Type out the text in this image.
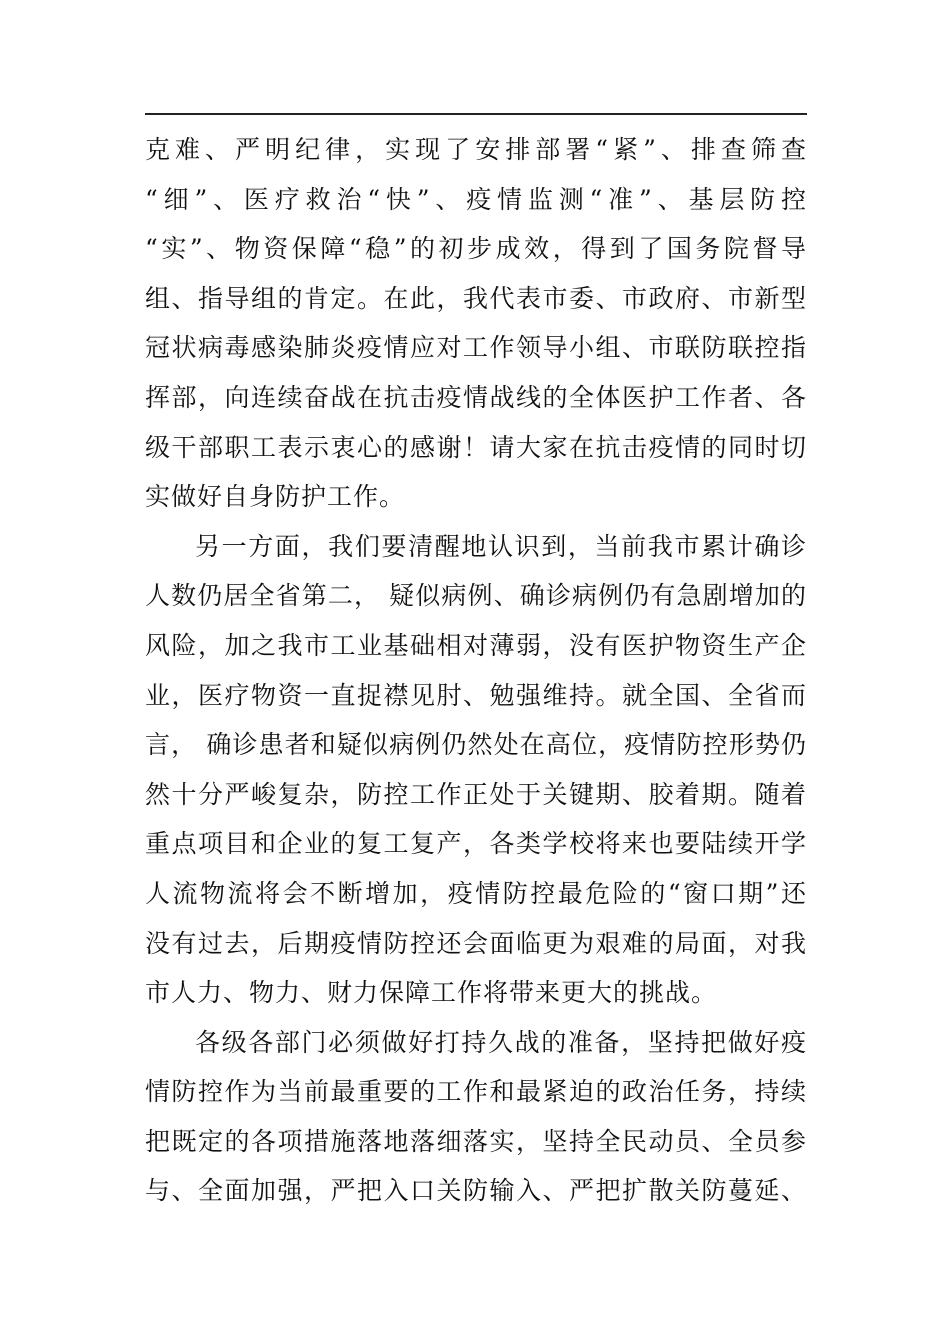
克难、严明纪律，实现了安排部署“紧”、排查筛查
“细”、医疗救治“快”、疫情监测“准”、基层防控
“实”、物资保障“稳”的初步成效，得到了国务院督导
组、指导组的肯定。在此，我代表市委、市政府、市新型
冠状病毒感染肺炎疫情应对工作领导小组、市联防联控指
挥部，向连续奋战在抗击疫情战线的全体医护工作者、各
级干部职工表示衷心的感谢！请大家在抗击疫情的同时切
实做好自身防护工作。
另一方面，我们要清醒地认识到，当前我市累计确诊
人数仍居全省第二， 疑似病例、确诊病例仍有急剧增加的
风险，加之我市工业基础相对薄弱，没有医护物资生产企
业，医疗物资一直捉襟见肘、勉强维持。就全国、全省而
言， 确诊患者和疑似病例仍然处在高位，疫情防控形势仍
然十分严峻复杂，防控工作正处于关键期、胶着期。随着
重点项目和企业的复工复产，各类学校将来也要陆续开学
人流物流将会不断增加，疫情防控最危险的“窗口期”还
没有过去，后期疫情防控还会面临更为艰难的局面，对我
市人力、物力、财力保障工作将带来更大的挑战。
各级各部门必须做好打持久战的准备，坚持把做好疫
情防控作为当前最重要的工作和最紧迫的政治任务，持续
把既定的各项措施落地落细落实，坚持全民动员、全员参
与、全面加强，严把入口关防输入、严把扩散关防蔓延、
